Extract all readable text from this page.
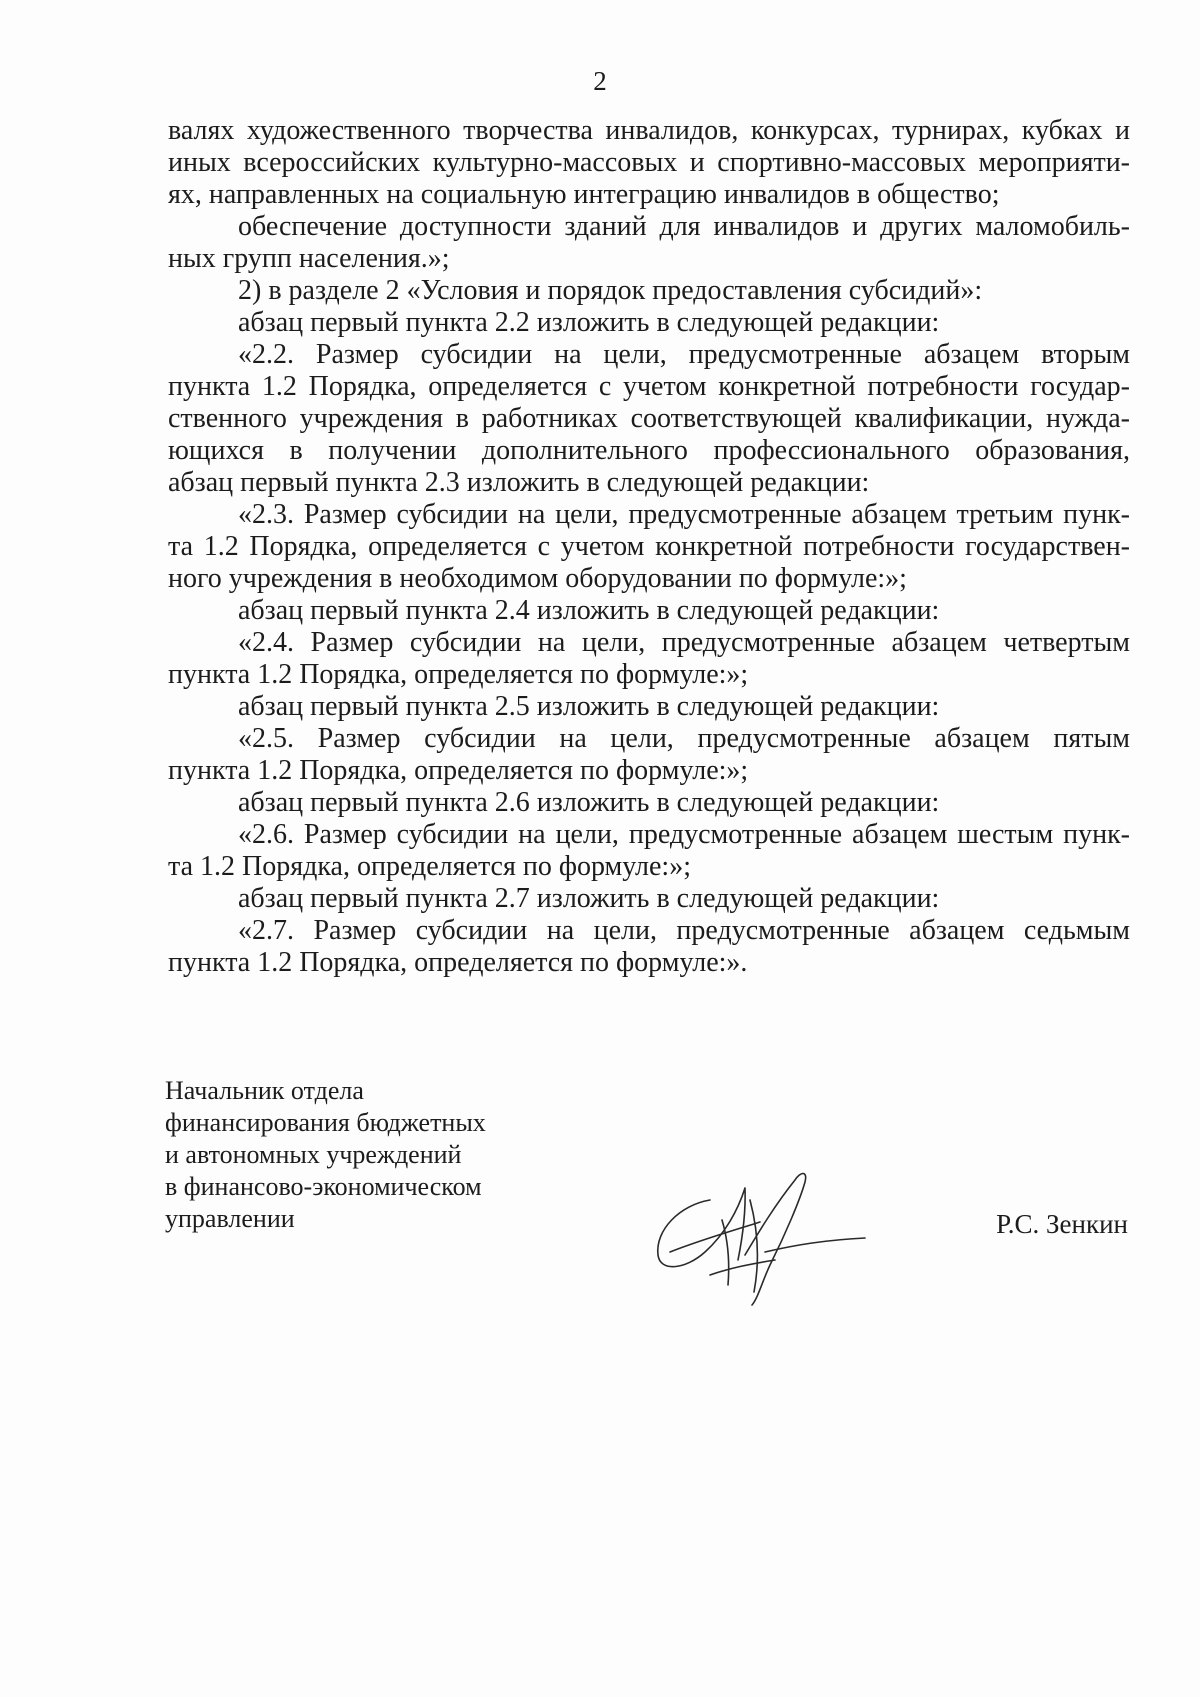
2
валях художественного творчества инвалидов, конкурсах, турнирах, кубках и
иных всероссийских культурно-массовых и спортивно-массовых мероприяти-
ях, направленных на социальную интеграцию инвалидов в общество;
обеспечение доступности зданий для инвалидов и других маломобиль-
ных групп населения.»;
2) в разделе 2 «Условия и порядок предоставления субсидий»:
абзац первый пункта 2.2 изложить в следующей редакции:
«2.2. Размер субсидии на цели, предусмотренные абзацем вторым
пункта 1.2 Порядка, определяется с учетом конкретной потребности государ-
ственного учреждения в работниках соответствующей квалификации, нужда-
ющихся в получении дополнительного профессионального образования,
абзац первый пункта 2.3 изложить в следующей редакции:
«2.3. Размер субсидии на цели, предусмотренные абзацем третьим пунк-
та 1.2 Порядка, определяется с учетом конкретной потребности государствен-
ного учреждения в необходимом оборудовании по формуле:»;
абзац первый пункта 2.4 изложить в следующей редакции:
«2.4. Размер субсидии на цели, предусмотренные абзацем четвертым
пункта 1.2 Порядка, определяется по формуле:»;
абзац первый пункта 2.5 изложить в следующей редакции:
«2.5. Размер субсидии на цели, предусмотренные абзацем пятым
пункта 1.2 Порядка, определяется по формуле:»;
абзац первый пункта 2.6 изложить в следующей редакции:
«2.6. Размер субсидии на цели, предусмотренные абзацем шестым пунк-
та 1.2 Порядка, определяется по формуле:»;
абзац первый пункта 2.7 изложить в следующей редакции:
«2.7. Размер субсидии на цели, предусмотренные абзацем седьмым
пункта 1.2 Порядка, определяется по формуле:».
Начальник отдела
финансирования бюджетных
и автономных учреждений
в финансово-экономическом
управлении	Р.С. Зенкин
